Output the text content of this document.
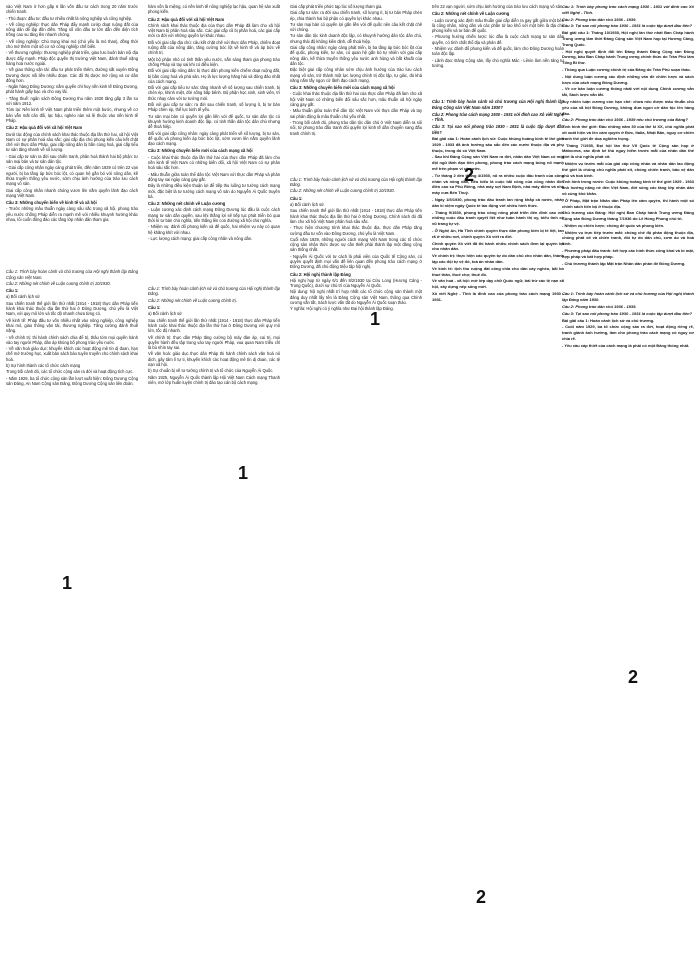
vào Việt Nam ở hơn gấp 6 lần vốn đầu tư cách trong 20 năm trước chiến tranh.

- Thủ đoạn: đầu tư: đầu tư nhiều nhất là nông nghiệp và công nghiệp.

- Về công nghiệp: thực dân Pháp đẩy mạnh cướp đoạt ruộng đất của nông dân để lập đồn điền. Tăng số vốn đầu tư lớn dẫn đến diện tích trồng cao su tăng lên nhanh chóng.

- Về công nghiệp: Chú trọng khai mỏ (chủ yếu là mỏ than), đồng thời cho mở thêm một số cơ sở công nghiệp chế biến.

- Về thương nghiệp: thương nghiệp phát triển, giao lưu buôn bán nội địa được đẩy mạnh. Pháp độc quyền thị trường Việt Nam, đánh thuế nặng hàng hoá nước ngoài.

- Về giao thông vận tải: đầu tư phát triển thêm, đường sắt xuyên Đông Dương được nối liền nhiều đoạn. Các đô thị được mở rộng và cư dân đông hơn.

- Ngân hàng Đông Dương: nắm quyền chỉ huy nền kinh tế Đông Dương, phát hành giấy bạc và cho vay lãi.

- Tăng thuế: ngân sách Đông Dương thu năm 1930 tăng gấp 3 lần so với năm 1912.

Tóm lại: Nền kinh tế Việt Nam phát triển thêm một bước, nhưng về cơ bản vẫn mất cân đối, lạc hậu, nghèo nàn và lệ thuộc vào nền kinh tế Pháp.

Câu 2: Hậu quả đối với xã hội Việt Nam

Dưới tác động của chính sách khai thác thuộc địa lần thứ hai, xã hội Việt Nam có sự phân hoá sâu sắc: giai cấp địa chủ phong kiến câu kết chặt chẽ với thực dân Pháp, giai cấp nông dân bị bần cùng hoá, giai cấp tiểu tư sản tăng nhanh về số lượng.

- Giai cấp tư sản ra đời sau chiến tranh, phân hoá thành hai bộ phận: tư sản mại bản và tư sản dân tộc.

- Giai cấp công nhân ngày càng phát triển, đến năm 1929 có trên 22 vạn người, bị ba tầng áp bức bóc lột, có quan hệ gắn bó với nông dân, kế thừa truyền thống yêu nước, sớm chịu ảnh hưởng của trào lưu cách mạng vô sản.

Giai cấp công nhân nhanh chóng vươn lên nắm quyền lãnh đạo cách mạng Việt Nam.

Câu 3: Những chuyển biến về kinh tế và xã hội

- Trước những mâu thuẫn ngày càng sâu sắc trong xã hội, phong trào yêu nước chống Pháp diễn ra mạnh mẽ với nhiều khuynh hướng khác nhau, lôi cuốn đông đảo các tầng lớp nhân dân tham gia.

Câu 1: Trình bày hoàn cảnh và chủ trương của Hội nghị thành lập Đảng Cộng sản Việt Nam.

Câu 2: Những nét chính về Luận cương chính trị 10/1930.

Câu 1:

a) Bối cảnh lịch sử

Sau chiến tranh thế giới lần thứ nhất (1914 - 1918) thực dân Pháp tiến hành khai thác thuộc địa lần thứ hai ở Đông Dương, chủ yếu là Việt Nam, với quy mô lớn và tốc độ nhanh chưa từng có.

Về kinh tế: Pháp đầu tư vốn nhiều nhất vào nông nghiệp, công nghiệp khai mỏ, giao thông vận tải, thương nghiệp. Tăng cường đánh thuế nặng.

- Về chính trị: thi hành chính sách chia để trị, thâu tóm mọi quyền hành vào tay người Pháp, đàn áp khủng bố phong trào yêu nước.

- Về văn hoá giáo dục: khuyến khích các hoạt động mê tín dị đoan, hạn chế mở trường học, xuất bản sách báo tuyên truyền cho chính sách khai hoá.

b) Sự hình thành các tổ chức cách mạng

Trong bối cảnh đó, các tổ chức cộng sản ra đời và hoạt động tích cực.

- Năm 1929, ba tổ chức cộng sản lần lượt xuất hiện: Đông Dương Cộng sản Đảng, An Nam Cộng sản Đảng, Đông Dương Cộng sản liên đoàn.

hàm vốn là miệng, có nền kinh tế nông nghiệp lạc hậu, quan hệ sản xuất phong kiến.

Câu 2: Hậu quả đối với xã hội Việt Nam

Chính sách khai thác thuộc địa của thực dân Pháp đã làm cho xã hội Việt Nam bị phân hoá sâu sắc. Các giai cấp cũ bị phân hoá, các giai cấp mới ra đời với những quyền lợi khác nhau.

Đối với giai cấp địa chủ: câu kết chặt chẽ với thực dân Pháp, chiếm đoạt ruộng đất của nông dân, tăng cường bóc lột về kinh tế và áp bức về chính trị.

Một bộ phận nhỏ có tinh thần yêu nước, sẵn sàng tham gia phong trào chống Pháp và tay sai khi có điều kiện.

Đối với giai cấp nông dân: bị thực dân phong kiến chiếm đoạt ruộng đất, bị bần cùng hoá và phá sản. Họ là lực lượng hăng hái và đông đảo nhất của cách mạng.

Đối với giai cấp tiểu tư sản: tăng nhanh về số lượng sau chiến tranh, bị chèn ép, khinh miệt, đời sống bấp bênh. Bộ phận học sinh, sinh viên, trí thức nhạy cảm với tư tưởng mới.

Đối với giai cấp tư sản: ra đời sau chiến tranh, số lượng ít, bị tư bản Pháp chèn ép, thế lực kinh tế yếu.

Tư sản mại bản có quyền lợi gắn liền với đế quốc, tư sản dân tộc có khuynh hướng kinh doanh độc lập, có tinh thần dân tộc dân chủ nhưng dễ thoả hiệp.

Đối với giai cấp công nhân: ngày càng phát triển về số lượng, bị tư sản, đế quốc và phong kiến áp bức bóc lột, sớm vươn lên nắm quyền lãnh đạo cách mạng.

Câu 3: Những chuyển biến mới của cách mạng xã hội

- Cuộc khai thác thuộc địa lần thứ hai của thực dân Pháp đã làm cho nền kinh tế Việt Nam có những biến đổi, xã hội Việt Nam có sự phân hoá sâu sắc hơn.

- Mâu thuẫn giữa toàn thể dân tộc Việt Nam với thực dân Pháp và phản động tay sai ngày càng gay gắt.

Đây là những điều kiện thuận lợi để tiếp thu luồng tư tưởng cách mạng mới, đặc biệt là tư tưởng cách mạng vô sản do Nguyễn Ái Quốc truyền bá.

Câu 2: Những nét chính về Luận cương

- Luận cương xác định cách mạng Đông Dương lúc đầu là cuộc cách mạng tư sản dân quyền, sau khi thắng lợi sẽ tiếp tục phát triển bỏ qua thời kì tư bản chủ nghĩa, tiến thẳng lên con đường xã hội chủ nghĩa.

- Nhiệm vụ: đánh đổ phong kiến và đế quốc, hai nhiệm vụ này có quan hệ khăng khít với nhau.

- Lực lượng cách mạng: giai cấp công nhân và nông dân.

Câu 1: Trình bày hoàn cảnh lịch sử và chủ trương của Hội nghị thành lập Đảng.

Câu 2: Những nét chính về Luận cương chính trị.

Câu 1:

a) Bối cảnh lịch sử

Sau chiến tranh thế giới lần thứ nhất (1914 - 1918) thực dân Pháp tiến hành cuộc khai thác thuộc địa lần thứ hai ở Đông Dương với quy mô lớn, tốc độ nhanh.

Về chính trị: thực dân Pháp tăng cường bộ máy đàn áp, cai trị, mọi quyền hành đều tập trung vào tay người Pháp, vua quan Nam triều chỉ là bù nhìn tay sai.

Về văn hoá: giáo dục thực dân Pháp thi hành chính sách văn hoá nô dịch, gây tâm lí tự ti, khuyến khích các hoạt động mê tín dị đoan, các tệ nạn xã hội.

b) Sự chuẩn bị về tư tưởng chính trị và tổ chức của Nguyễn Ái Quốc.

Năm 1925, Nguyễn Ái Quốc thành lập Hội Việt Nam Cách mạng Thanh niên, mở lớp huấn luyện chính trị đào tạo cán bộ cách mạng.

Giai cấp phát triển phức tạp lúc số lượng tham gia.

Giai cấp tư sản: ra đời sau chiến tranh, số lượng ít, bị tư bản Pháp chèn ép, chia thành hai bộ phận có quyền lợi khác nhau.

Tư sản mại bản có quyền lợi gắn liền với đế quốc nên câu kết chặt chẽ với chúng.

Tư sản dân tộc kinh doanh độc lập, có khuynh hướng dân tộc dân chủ, nhưng thái độ không kiên định, dễ thoả hiệp.

Giai cấp công nhân: ngày càng phát triển, bị ba tầng áp bức bóc lột của đế quốc, phong kiến, tư sản, có quan hệ gắn bó tự nhiên với giai cấp nông dân, kế thừa truyền thống yêu nước anh hùng và bất khuất của dân tộc.

Đặc biệt giai cấp công nhân sớm chịu ảnh hưởng của trào lưu cách mạng vô sản, trở thành một lực lượng chính trị độc lập, tự giác, đủ khả năng nắm lấy ngọn cờ lãnh đạo cách mạng.

Câu 3: Những chuyển biến mới của cách mạng xã hội

- Cuộc khai thác thuộc địa lần thứ hai của thực dân Pháp đã làm cho xã hội Việt Nam có những biến đổi sâu sắc hơn, mâu thuẫn xã hội ngày càng gay gắt.

- Mâu thuẫn giữa toàn thể dân tộc Việt Nam với thực dân Pháp và tay sai phản động là mâu thuẫn chủ yếu nhất.

- Trong bối cảnh đó, phong trào dân tộc dân chủ ở Việt Nam diễn ra sôi nổi, từ phong trào đấu tranh đòi quyền lợi kinh tế dần chuyển sang đấu tranh chính trị.

Câu 1: Trình bày hoàn cảnh lịch sử và chủ trương của Hội nghị thành lập Đảng.

Câu 2: Những nét chính về Luận cương chính trị 10/1930.

Câu 1:

a) Bối cảnh lịch sử

Sau chiến tranh thế giới lần thứ nhất (1914 - 1918) thực dân Pháp tiến hành khai thác thuộc địa lần thứ hai ở Đông Dương. Chính sách đó đã làm cho xã hội Việt Nam phân hoá sâu sắc.

- Thực hiện chương trình khai thác thuộc địa, thực dân Pháp tăng cường đầu tư vốn vào Đông Dương, chủ yếu là Việt Nam.

Cuối năm 1929, những người cách mạng Việt Nam trong các tổ chức cộng sản nhận thức được sự cần thiết phải thành lập một đảng cộng sản thống nhất.

- Nguyễn Ái Quốc với tư cách là phái viên của Quốc tế Cộng sản, có quyền quyết định mọi vấn đề liên quan đến phong trào cách mạng ở Đông Dương, đã chủ động triệu tập hội nghị.

Câu 2: Hội nghị thành lập Đảng

Hội nghị họp từ ngày 6/1 đến 8/2/1930 tại Cửu Long (Hương Cảng - Trung Quốc), dưới sự chủ trì của Nguyễn Ái Quốc.

Nội dung: hội nghị nhất trí hợp nhất các tổ chức cộng sản thành một đảng duy nhất lấy tên là Đảng Cộng sản Việt Nam, thông qua Chính cương vắn tắt, Sách lược vắn tắt do Nguyễn Ái Quốc soạn thảo.

Ý nghĩa: Hội nghị có ý nghĩa như Đại hội thành lập Đảng.

trên 22 vạn người, sớm chịu ảnh hưởng của trào lưu cách mạng vô sản.

Câu 2: Những nét chính về Luận cương

- Luận cương xác định mâu thuẫn giai cấp diễn ra gay gắt giữa một bên là công nhân, nông dân và các phần tử lao khổ với một bên là địa chủ phong kiến và tư bản đế quốc.

- Phương hướng chiến lược: lúc đầu là cuộc cách mạng tư sản dân quyền, có tính chất thổ địa và phản đế.

- Nhiệm vụ: đánh đổ phong kiến và đế quốc, làm cho Đông Dương hoàn toàn độc lập.

- Lãnh đạo: Đảng Cộng sản, lấy chủ nghĩa Mác - Lênin làm nền tảng tư tưởng.

Câu 1: Trình bày hoàn cảnh và chủ trương của Hội nghị thành lập Đảng Cộng sản Việt Nam năm 1930?

Câu 2: Phong trào cách mạng 1930 - 1931 với đỉnh cao Xô viết Nghệ - Tĩnh.

Câu 3: Tại sao nói phong trào 1930 - 1931 là cuộc tập dượt đầu tiên?

Bài giải câu 1: Hoàn cảnh lịch sử: Cuộc khủng hoảng kinh tế thế giới 1929 - 1933 đã ảnh hưởng sâu sắc đến các nước thuộc địa và phụ thuộc, trong đó có Việt Nam.

- Sau khi Đảng Cộng sản Việt Nam ra đời, nhân dân Việt Nam có một đội ngũ lãnh đạo tiên phong, phong trào cách mạng bùng nổ mạnh mẽ trên phạm vi cả nước.

- Từ tháng 2 đến tháng 4/1930, nổ ra nhiều cuộc đấu tranh của công nhân và nông dân, tiêu biểu là cuộc bãi công của công nhân đồn điền cao su Phú Riềng, nhà máy sợi Nam Định, nhà máy diêm và nhà máy cưa Bến Thuỷ.

- Ngày 1/5/1930, phong trào đấu tranh lan rộng khắp cả nước, nhân dân kỉ niệm ngày Quốc tế lao động với nhiều hình thức.

- Tháng 9/1930, phong trào công nông phát triển đến đỉnh cao với những cuộc đấu tranh quyết liệt như tuần hành thị uy, biểu tình có vũ trang tự vệ.

- Ở Nghệ An, Hà Tĩnh chính quyền thực dân phong kiến bị tê liệt, tan rã ở nhiều nơi, chính quyền Xô viết ra đời.

Chính quyền Xô viết đã thi hành nhiều chính sách đem lại quyền lợi cho nhân dân.

Về chính trị: thực hiện các quyền tự do dân chủ cho nhân dân, thành lập các đội tự vệ đỏ, toà án nhân dân.

Về kinh tế: tịch thu ruộng đất công chia cho dân cày nghèo, bãi bỏ thuế thân, thuế chợ, thuế đò.

Về văn hoá - xã hội: mở lớp dạy chữ Quốc ngữ, bài trừ các tệ nạn xã hội, xây dựng nếp sống mới.

Xô viết Nghệ - Tĩnh là đỉnh cao của phong trào cách mạng 1930 - 1931.

Câu 1: Trình bày phong trào cách mạng 1930 - 1931 với đỉnh cao Xô viết Nghệ - Tĩnh.

Câu 2: Phong trào dân chủ 1936 - 1939.

Câu 3: Tại sao nói phong trào 1930 - 1931 là cuộc tập dượt đầu tiên?

Bài giải câu 1: Tháng 10/1930, Hội nghị lần thứ nhất Ban Chấp hành Trung ương lâm thời Đảng Cộng sản Việt Nam họp tại Hương Cảng, Trung Quốc.

- Hội nghị quyết định đổi tên Đảng thành Đảng Cộng sản Đông Dương, bầu Ban Chấp hành Trung ương chính thức do Trần Phú làm Tổng Bí thư.

- Thông qua Luận cương chính trị của Đảng do Trần Phú soạn thảo.

- Nội dung luận cương xác định những vấn đề chiến lược và sách lược của cách mạng Đông Dương.

- Về cơ bản luận cương thống nhất với nội dung Chính cương vắn tắt, Sách lược vắn tắt.

Tuy nhiên luận cương còn hạn chế: chưa nêu được mâu thuẫn chủ yếu của xã hội Đông Dương, không đưa ngọn cờ dân tộc lên hàng đầu.

Câu 2: Phong trào dân chủ 1936 - 1939 nêu chủ trương của Đảng?

Tình hình thế giới: Đầu những năm 30 của thế kỉ XX, chủ nghĩa phát xít xuất hiện và lên cầm quyền ở Đức, Italia, Nhật Bản, nguy cơ chiến tranh thế giới đe doạ nghiêm trọng.

- Tháng 7/1935, Đại hội lần thứ VII Quốc tế Cộng sản họp ở Mátxcơva, xác định kẻ thù nguy hiểm trước mắt của nhân dân thế giới là chủ nghĩa phát xít.

- Nhiệm vụ trước mắt của giai cấp công nhân và nhân dân lao động thế giới là chống chủ nghĩa phát xít, chống chiến tranh, bảo vệ dân chủ và hoà bình.

Tình hình trong nước: Cuộc khủng hoảng kinh tế thế giới 1929 - 1933 ảnh hưởng nặng nề đến Việt Nam, đời sống các tầng lớp nhân dân vô cùng khó khăn.

- Ở Pháp, Mặt trận Nhân dân Pháp lên cầm quyền, thi hành một số chính sách tiến bộ ở thuộc địa.

Chủ trương của Đảng: Hội nghị Ban Chấp hành Trung ương Đảng Cộng sản Đông Dương tháng 7/1936 do Lê Hồng Phong chủ trì.

- Nhiệm vụ chiến lược: chống đế quốc và phong kiến.

- Nhiệm vụ trực tiếp trước mắt: chống chế độ phản động thuộc địa, chống phát xít và chiến tranh, đòi tự do dân chủ, cơm áo và hoà bình.

- Phương pháp đấu tranh: kết hợp các hình thức công khai và bí mật, hợp pháp và bất hợp pháp.

- Chủ trương thành lập Mặt trận Nhân dân phản đế Đông Dương.

Câu 1: Trình bày hoàn cảnh lịch sử và chủ trương của Hội nghị thành lập Đảng năm 1930.

Câu 2: Phong trào dân chủ 1936 - 1939.

Câu 3: Tại sao nói phong trào 1930 - 1931 là cuộc tập dượt đầu tiên?

Bài giải câu 1: Hoàn cảnh lịch sử và chủ trương.

- Cuối năm 1929, ba tổ chức cộng sản ra đời, hoạt động riêng rẽ, tranh giành ảnh hưởng, làm cho phong trào cách mạng có nguy cơ chia rẽ.

- Yêu cầu cấp thiết của cách mạng là phải có một Đảng thống nhất.

1
1
1
2
2
2
